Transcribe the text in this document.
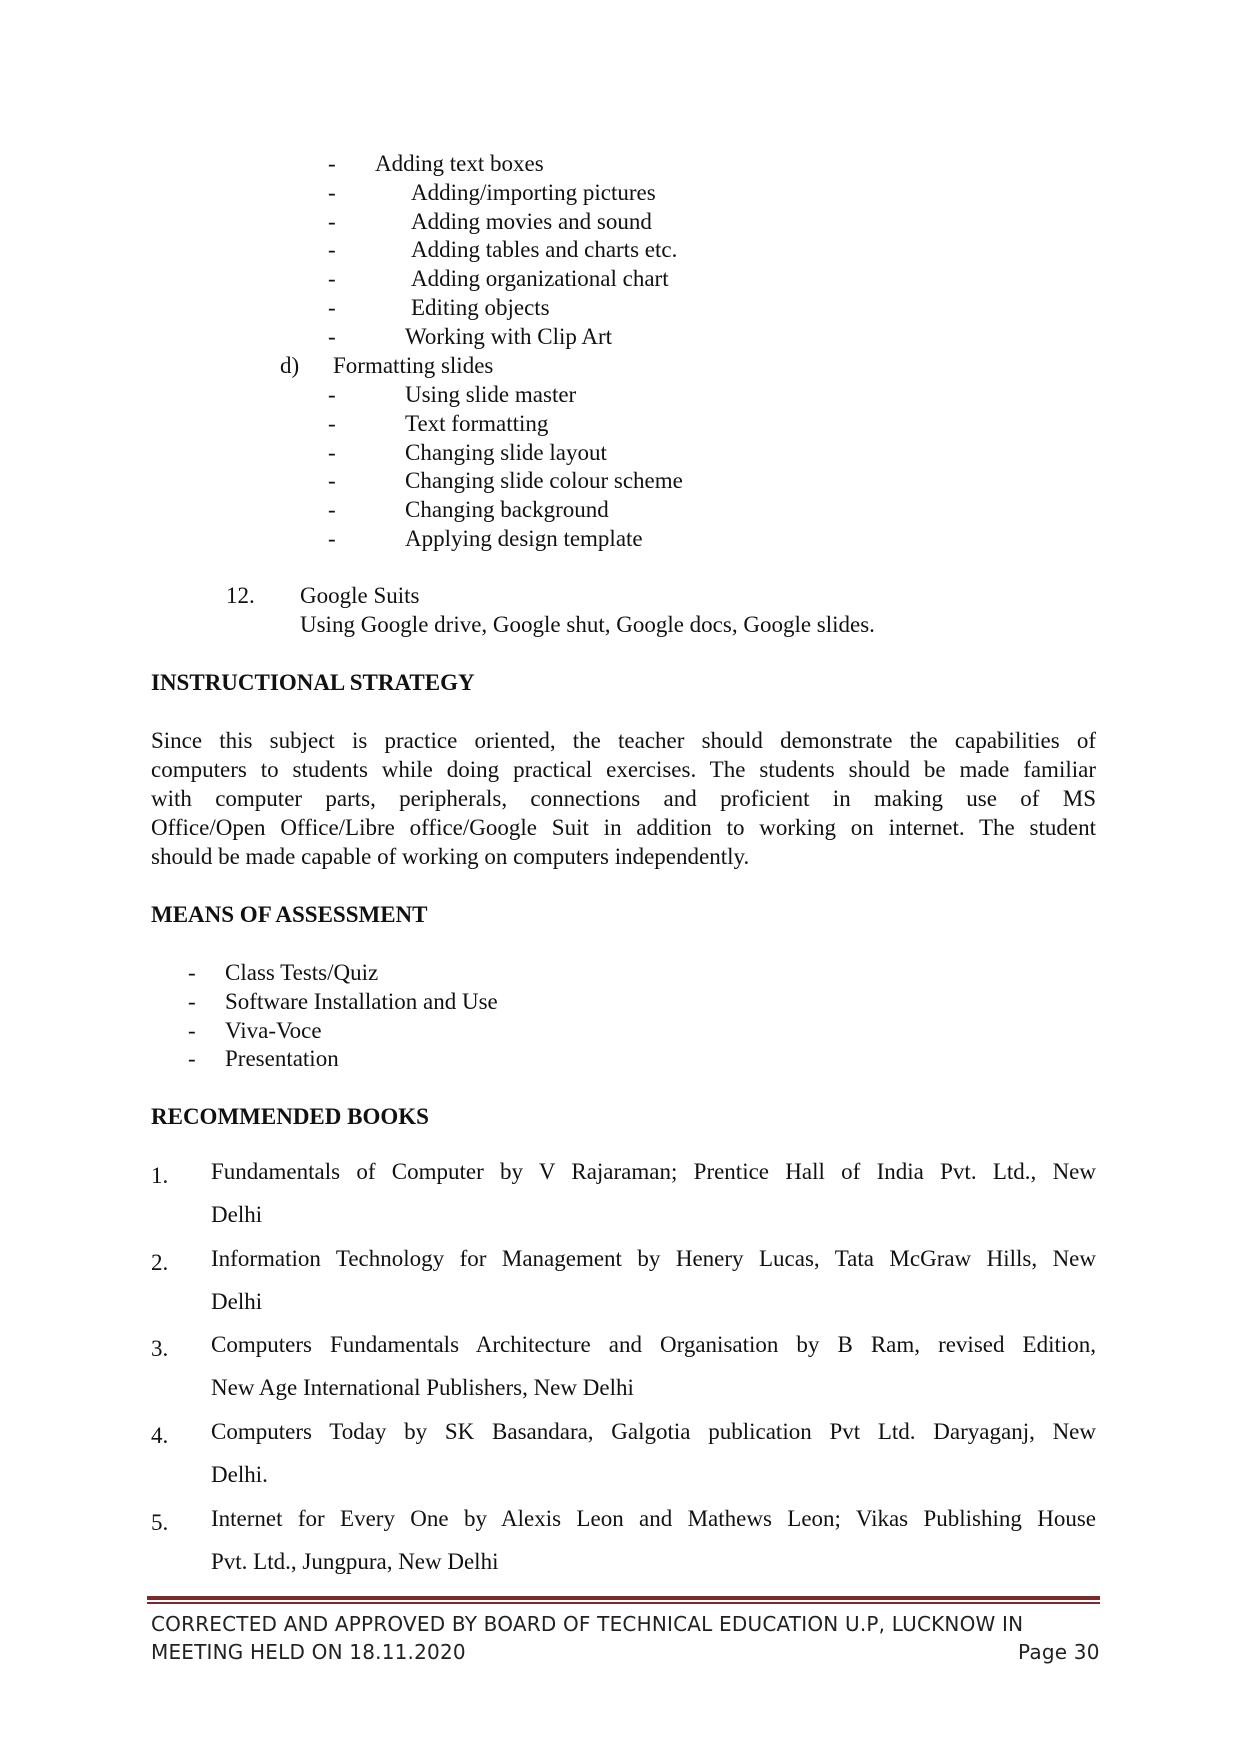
- Adding text boxes
-	Adding/importing pictures
-	Adding movies and sound
-	Adding tables and charts etc.
-	Adding organizational chart
-	Editing objects
-	Working with Clip Art
d) Formatting slides
-	Using slide master
-	Text formatting
-	Changing slide layout
-	Changing slide colour scheme
-	Changing background
-	Applying design template
12. Google Suits
Using Google drive, Google shut, Google docs, Google slides.
INSTRUCTIONAL STRATEGY
Since this subject is practice oriented, the teacher should demonstrate the capabilities of
computers to students while doing practical exercises. The students should be made familiar
with computer parts, peripherals, connections and proficient in making use of MS
Office/Open Office/Libre office/Google Suit in addition to working on internet. The student
should be made capable of working on computers independently.
MEANS OF ASSESSMENT
- Class Tests/Quiz
- Software Installation and Use
- Viva-Voce
- Presentation
RECOMMENDED BOOKS
1. Fundamentals of Computer by V Rajaraman; Prentice Hall of India Pvt. Ltd., New
Delhi
2. Information Technology for Management by Henery Lucas, Tata McGraw Hills, New
Delhi
3. Computers Fundamentals Architecture and Organisation by B Ram, revised Edition,
New Age International Publishers, New Delhi
4. Computers Today by SK Basandara, Galgotia publication Pvt Ltd. Daryaganj, New
Delhi.
5. Internet for Every One by Alexis Leon and Mathews Leon; Vikas Publishing House
Pvt. Ltd., Jungpura, New Delhi
CORRECTED AND APPROVED BY BOARD OF TECHNICAL EDUCATION U.P, LUCKNOW IN
MEETING HELD ON 18.11.2020	Page 30
